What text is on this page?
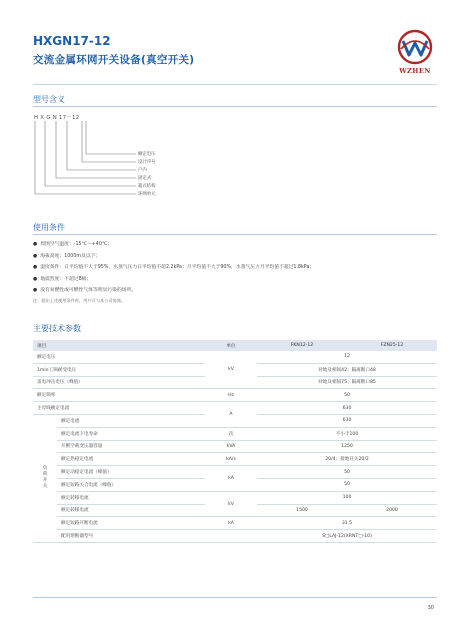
HXGN17-12
交流金属环网开关设备(真空开关)
WZHEN
型号含义
H X G N 17－12
额定电压
设计序号
户内
固定式
箱式结构
环网单元
使用条件
● 周围空气温度：-15℃～+40℃；
● 海拔高度：1000m及以下；
● 湿度条件：日平均值不大于95%，水蒸气压力日平均值不超2.2kPa；月平均值不大于90%，水蒸气压力月平均值不超过1.8kPa；
● 地震烈度：不超过8级；
● 没有易燃性或可燃性气体等明显污染的场所。
注：超出上述使用条件时，用户可与本公司协商。
主要技术参数
项目		单位	FKN12-12	FZN25-12
额定电压		kV	12	
1min工频耐受电压			对地及相间42；隔离断口48	
雷电冲击电压（峰值）			对地及相间75；隔离断口85	
额定频率		Hz	50	
主母线额定电流		A	630	
负荷开关	额定电流		630	
	额定电流下电寿命	次	不小于100	
	开断空载变压器容量	kVA	1250	
	额定热稳定电流	kA/s	20/4；接地开关20/2	
	额定动稳定电流（峰值）	kA	50	
	额定短路关合电流（峰值）		50	
	额定转移电流	kV	100	
	额定转移电流		1500	2000
	额定短路开断电流	kA	31.5	
	配用熔断器型号		S□LAJ-12(XRNT□-10)	
30
